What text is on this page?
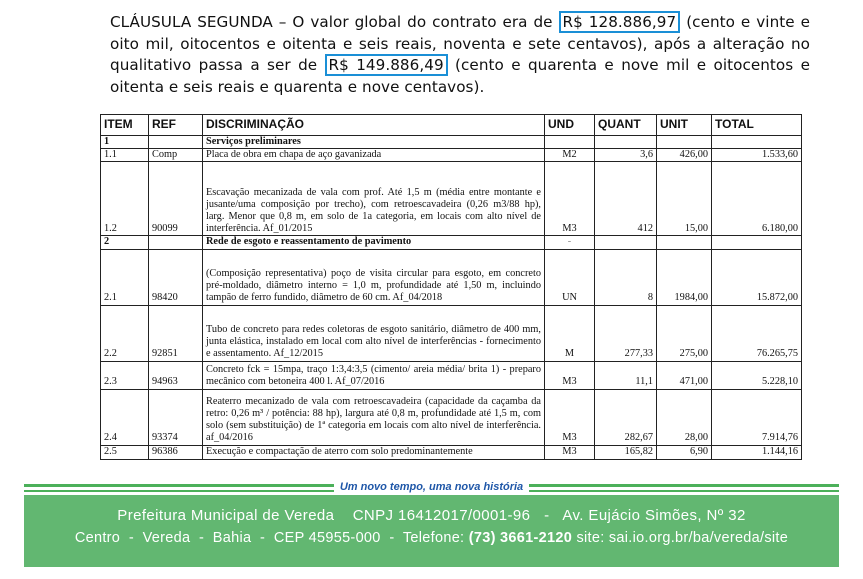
CLÁUSULA SEGUNDA – O valor global do contrato era de R$ 128.886,97 (cento e vinte e oito mil, oitocentos e oitenta e seis reais, noventa e sete centavos), após a alteração no qualitativo passa a ser de R$ 149.886,49 (cento e quarenta e nove mil e oitocentos e oitenta e seis reais e quarenta e nove centavos).
ITEM	REF	DISCRIMINAÇÃO	UND	QUANT	UNIT	TOTAL
1		Serviços preliminares				
1.1	Comp	Placa de obra em chapa de aço gavanizada	M2	3,6	426,00	1.533,60
1.2	90099	Escavação mecanizada de vala com prof. Até 1,5 m (média entre montante e jusante/uma composição por trecho), com retroescavadeira (0,26 m3/88 hp), larg. Menor que 0,8 m, em solo de 1a categoria, em locais com alto nível de interferência. Af_01/2015	M3	412	15,00	6.180,00
2		Rede de esgoto e reassentamento de pavimento	-			
2.1	98420	(Composição representativa) poço de visita circular para esgoto, em concreto pré-moldado, diâmetro interno = 1,0 m, profundidade até 1,50 m, incluindo tampão de ferro fundido, diâmetro de 60 cm. Af_04/2018	UN	8	1984,00	15.872,00
2.2	92851	Tubo de concreto para redes coletoras de esgoto sanitário, diâmetro de 400 mm, junta elástica, instalado em local com alto nível de interferências - fornecimento e assentamento. Af_12/2015	M	277,33	275,00	76.265,75
2.3	94963	Concreto fck = 15mpa, traço 1:3,4:3,5 (cimento/ areia média/ brita 1) - preparo mecânico com betoneira 400 l. Af_07/2016	M3	11,1	471,00	5.228,10
2.4	93374	Reaterro mecanizado de vala com retroescavadeira (capacidade da caçamba da retro: 0,26 m³ / potência: 88 hp), largura até 0,8 m, profundidade até 1,5 m, com solo (sem substituição) de 1ª categoria em locais com alto nível de interferência. af_04/2016	M3	282,67	28,00	7.914,76
2.5	96386	Execução e compactação de aterro com solo predominantemente	M3	165,82	6,90	1.144,16
Um novo tempo, uma nova história
Prefeitura Municipal de Vereda    CNPJ 16412017/0001-96   -   Av. Eujácio Simões, Nº 32
Centro  -  Vereda  -  Bahia  -  CEP 45955-000  -  Telefone: (73) 3661-2120 site: sai.io.org.br/ba/vereda/site
